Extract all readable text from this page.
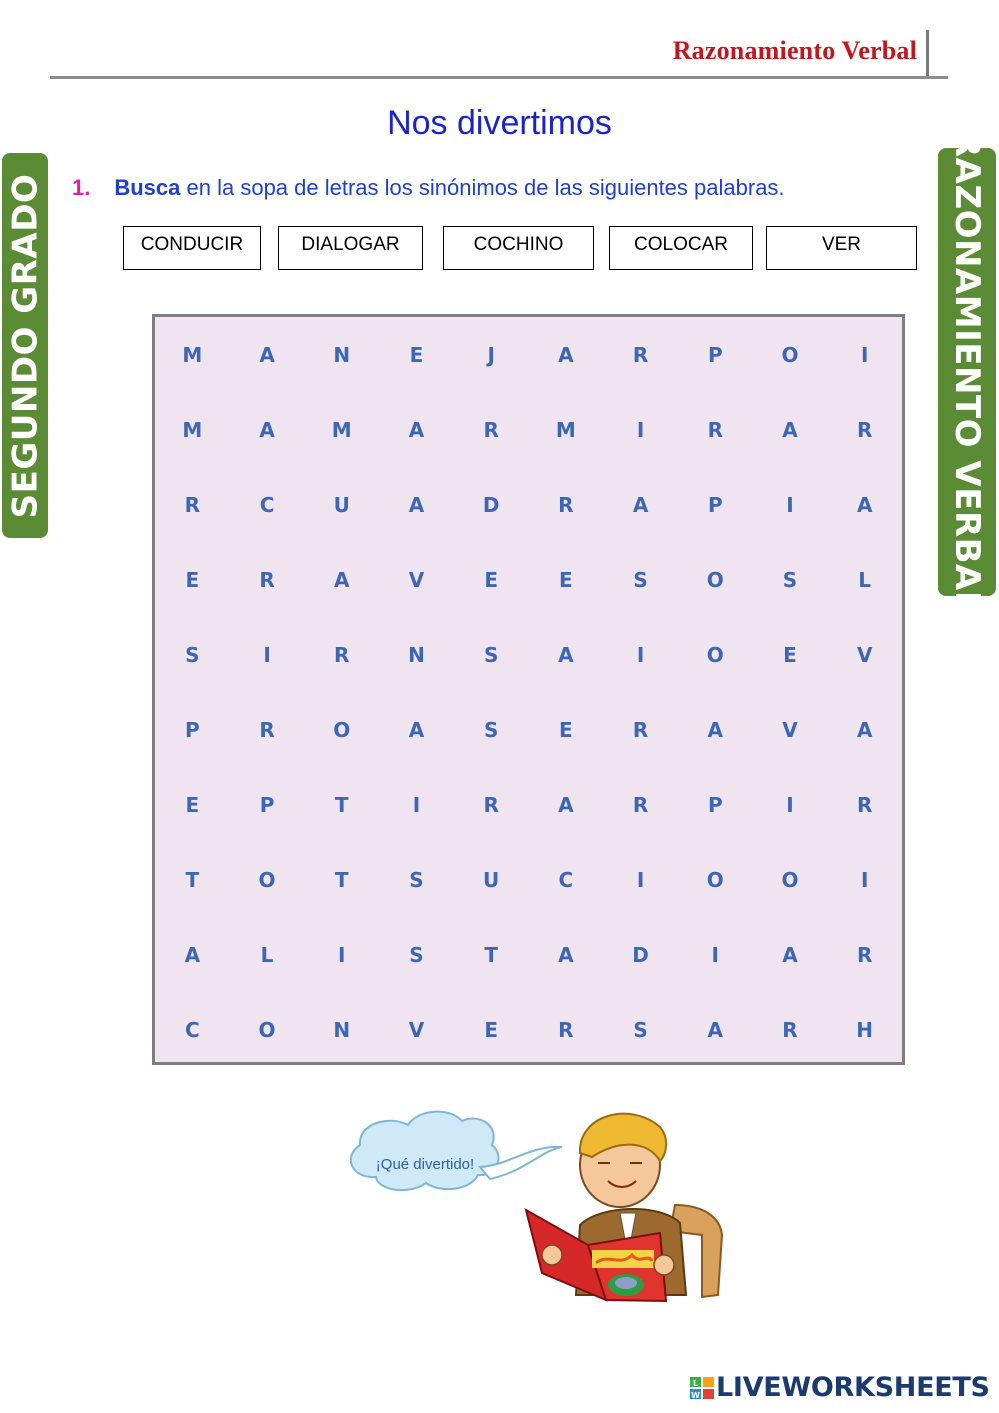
Razonamiento Verbal
Nos divertimos
SEGUNDO GRADO	RAZONAMIENTO VERBAL
1. Busca en la sopa de letras los sinónimos de las siguientes palabras.
CONDUCIR	DIALOGAR	COCHINO	COLOCAR	VER
M	A	N	E	J	A	R	P	O	I
M	A	M	A	R	M	I	R	A	R
R	C	U	A	D	R	A	P	I	A
E	R	A	V	E	E	S	O	S	L
S	I	R	N	S	A	I	O	E	V
P	R	O	A	S	E	R	A	V	A
E	P	T	I	R	A	R	P	I	R
T	O	T	S	U	C	I	O	O	I
A	L	I	S	T	A	D	I	A	R
C	O	N	V	E	R	S	A	R	H
¡Qué divertido!
L
W LIVEWORKSHEETS
